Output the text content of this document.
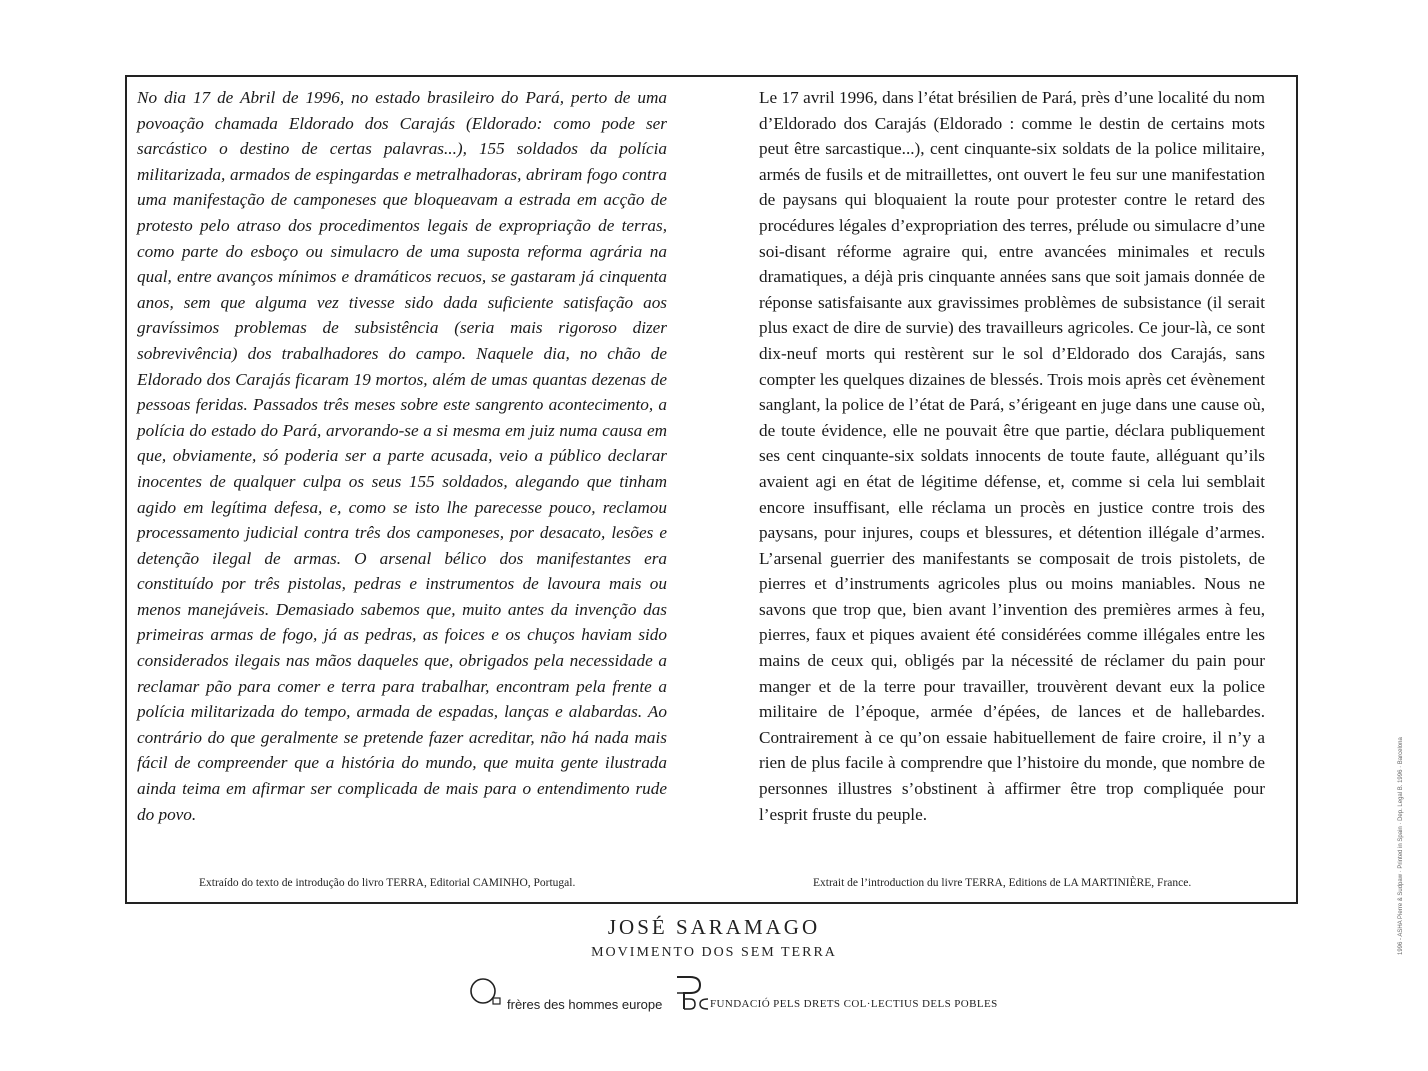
No dia 17 de Abril de 1996, no estado brasileiro do Pará, perto de uma povoação chamada Eldorado dos Carajás (Eldorado: como pode ser sarcástico o destino de certas palavras...), 155 soldados da polícia militarizada, armados de espingardas e metralhadoras, abriram fogo contra uma manifestação de camponeses que bloqueavam a estrada em acção de protesto pelo atraso dos procedimentos legais de expropriação de terras, como parte do esboço ou simulacro de uma suposta reforma agrária na qual, entre avanços mínimos e dramáticos recuos, se gastaram já cinquenta anos, sem que alguma vez tivesse sido dada suficiente satisfação aos gravíssimos problemas de subsistência (seria mais rigoroso dizer sobrevivência) dos trabalhadores do campo. Naquele dia, no chão de Eldorado dos Carajás ficaram 19 mortos, além de umas quantas dezenas de pessoas feridas. Passados três meses sobre este sangrento acontecimento, a polícia do estado do Pará, arvorando-se a si mesma em juiz numa causa em que, obviamente, só poderia ser a parte acusada, veio a público declarar inocentes de qualquer culpa os seus 155 soldados, alegando que tinham agido em legítima defesa, e, como se isto lhe parecesse pouco, reclamou processamento judicial contra três dos camponeses, por desacato, lesões e detenção ilegal de armas. O arsenal bélico dos manifestantes era constituído por três pistolas, pedras e instrumentos de lavoura mais ou menos manejáveis. Demasiado sabemos que, muito antes da invenção das primeiras armas de fogo, já as pedras, as foices e os chuços haviam sido considerados ilegais nas mãos daqueles que, obrigados pela necessidade a reclamar pão para comer e terra para trabalhar, encontram pela frente a polícia militarizada do tempo, armada de espadas, lanças e alabardas. Ao contrário do que geralmente se pretende fazer acreditar, não há nada mais fácil de compreender que a história do mundo, que muita gente ilustrada ainda teima em afirmar ser complicada de mais para o entendimento rude do povo.
Le 17 avril 1996, dans l’état brésilien de Pará, près d’une localité du nom d’Eldorado dos Carajás (Eldorado : comme le destin de certains mots peut être sarcastique...), cent cinquante-six soldats de la police militaire, armés de fusils et de mitraillettes, ont ouvert le feu sur une manifestation de paysans qui bloquaient la route pour protester contre le retard des procédures légales d’expropriation des terres, prélude ou simulacre d’une soi-disant réforme agraire qui, entre avancées minimales et reculs dramatiques, a déjà pris cinquante années sans que soit jamais donnée de réponse satisfaisante aux gravissimes problèmes de subsistance (il serait plus exact de dire de survie) des travailleurs agricoles. Ce jour-là, ce sont dix-neuf morts qui restèrent sur le sol d’Eldorado dos Carajás, sans compter les quelques dizaines de blessés. Trois mois après cet évènement sanglant, la police de l’état de Pará, s’érigeant en juge dans une cause où, de toute évidence, elle ne pouvait être que partie, déclara publiquement ses cent cinquante-six soldats innocents de toute faute, alléguant qu’ils avaient agi en état de légitime défense, et, comme si cela lui semblait encore insuffisant, elle réclama un procès en justice contre trois des paysans, pour injures, coups et blessures, et détention illégale d’armes. L’arsenal guerrier des manifestants se composait de trois pistolets, de pierres et d’instruments agricoles plus ou moins maniables. Nous ne savons que trop que, bien avant l’invention des premières armes à feu, pierres, faux et piques avaient été considérées comme illégales entre les mains de ceux qui, obligés par la nécessité de réclamer du pain pour manger et de la terre pour travailler, trouvèrent devant eux la police militaire de l’époque, armée d’épées, de lances et de hallebardes. Contrairement à ce qu’on essaie habituellement de faire croire, il n’y a rien de plus facile à comprendre que l’histoire du monde, que nombre de personnes illustres s’obstinent à affirmer être trop compliquée pour l’esprit fruste du peuple.
Extraído do texto de introdução do livro TERRA, Editorial CAMINHO, Portugal.	Extrait de l’introduction du livre TERRA, Editions de LA MARTINIÈRE, France.
JOSÉ SARAMAGO
MOVIMENTO DOS SEM TERRA
frères des hommes europe	FUNDACIÓ PELS DRETS COL·LECTIUS DELS POBLES
1996 - ASHA Pierre & Sudpaw · Printed in Spain · Dep. Legal B. 1996 · Barcelona
